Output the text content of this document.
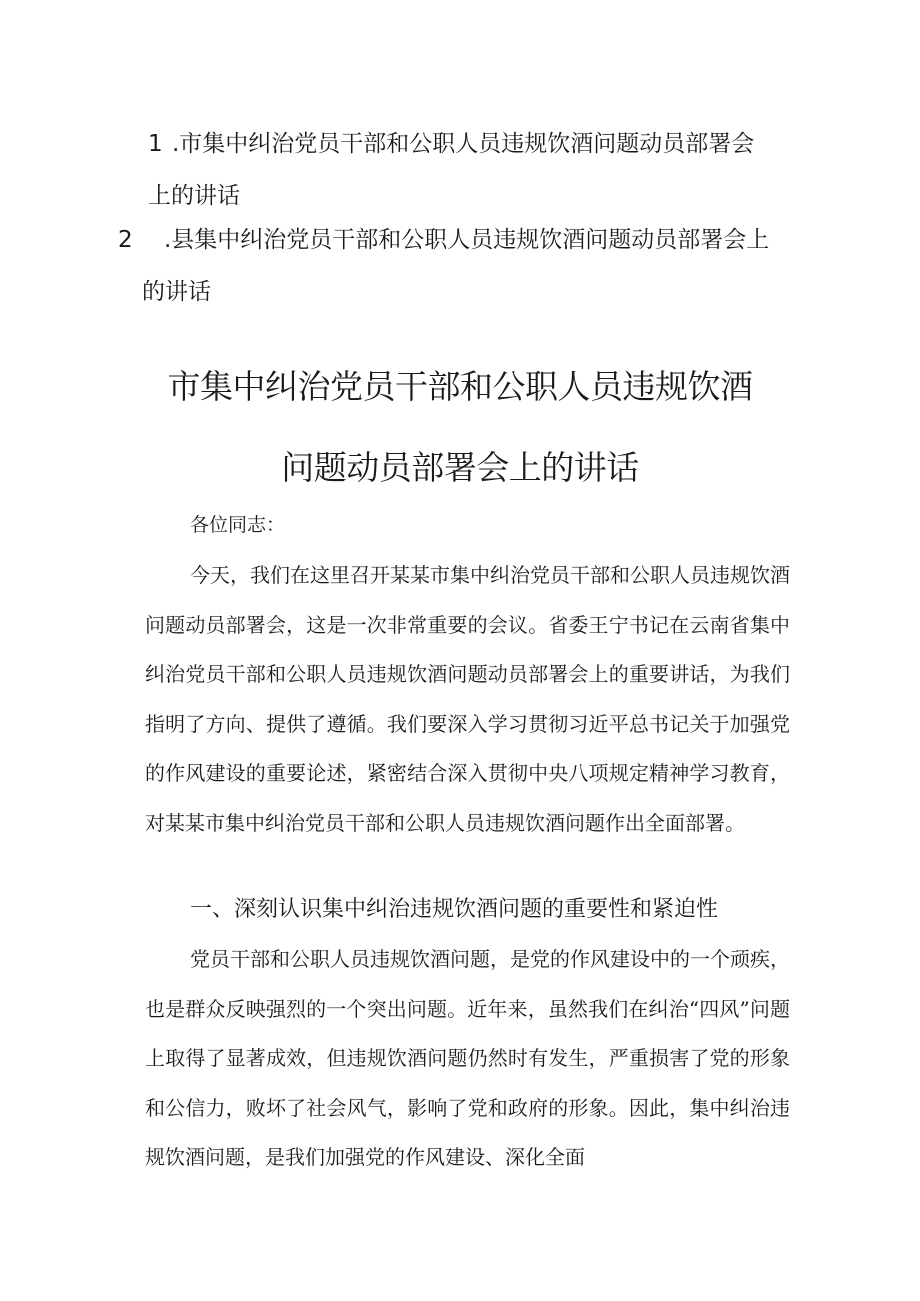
1 .市集中纠治党员干部和公职人员违规饮酒问题动员部署会上的讲话
2	.县集中纠治党员干部和公职人员违规饮酒问题动员部署会上的讲话
市集中纠治党员干部和公职人员违规饮酒
问题动员部署会上的讲话
各位同志：

今天，我们在这里召开某某市集中纠治党员干部和公职人员违规饮酒问题动员部署会，这是一次非常重要的会议。省委王宁书记在云南省集中纠治党员干部和公职人员违规饮酒问题动员部署会上的重要讲话，为我们指明了方向、提供了遵循。我们要深入学习贯彻习近平总书记关于加强党的作风建设的重要论述，紧密结合深入贯彻中央八项规定精神学习教育，对某某市集中纠治党员干部和公职人员违规饮酒问题作出全面部署。

一、深刻认识集中纠治违规饮酒问题的重要性和紧迫性

党员干部和公职人员违规饮酒问题，是党的作风建设中的一个顽疾，也是群众反映强烈的一个突出问题。近年来，虽然我们在纠治“四风”问题上取得了显著成效，但违规饮酒问题仍然时有发生，严重损害了党的形象和公信力，败坏了社会风气，影响了党和政府的形象。因此，集中纠治违规饮酒问题，是我们加强党的作风建设、深化全面
